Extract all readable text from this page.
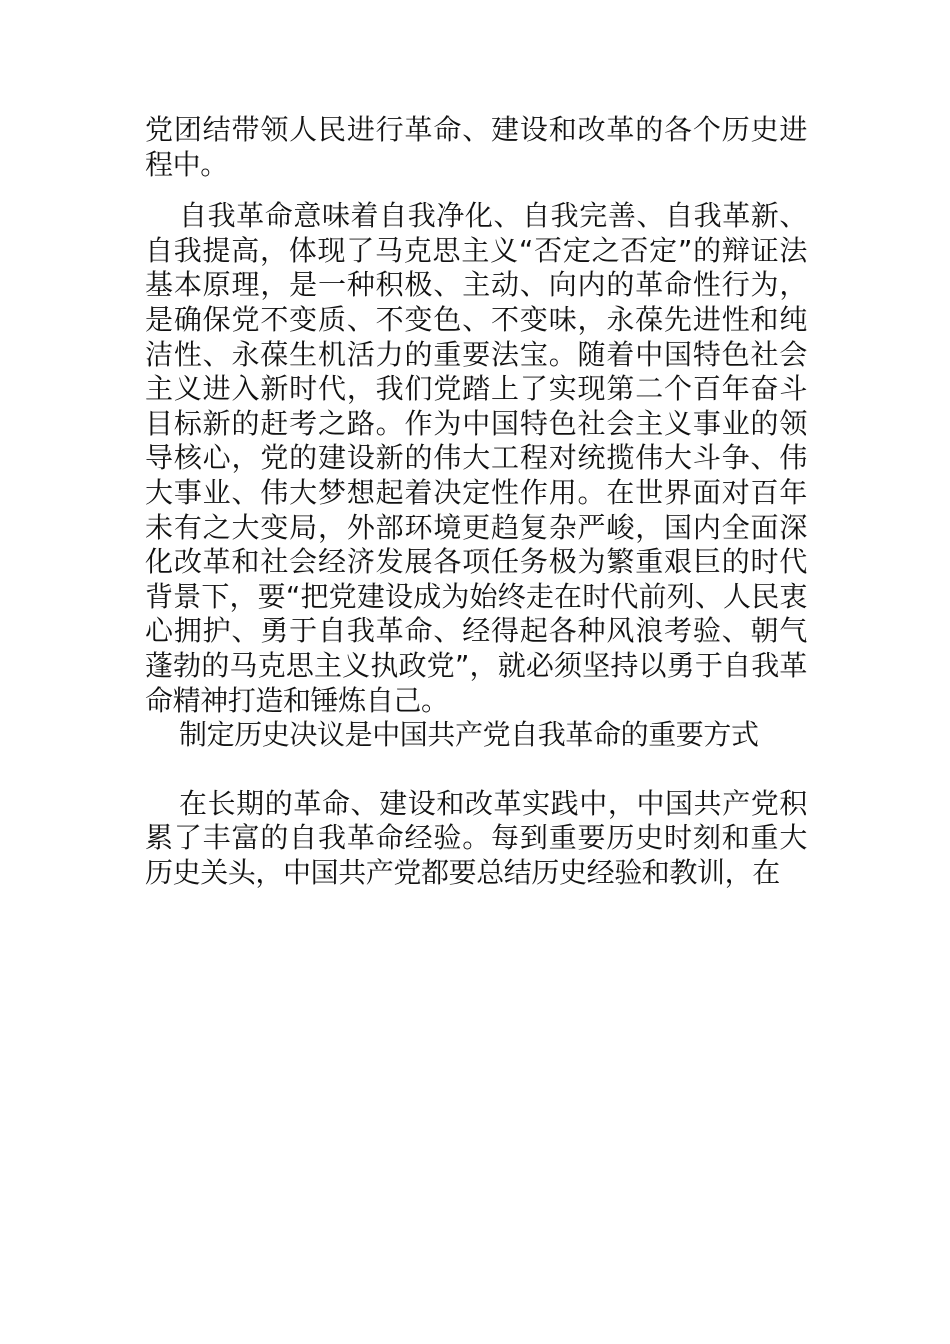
党团结带领人民进行革命、建设和改革的各个历史进程中。

自我革命意味着自我净化、自我完善、自我革新、自我提高，体现了马克思主义“否定之否定”的辩证法基本原理，是一种积极、主动、向内的革命性行为，是确保党不变质、不变色、不变味，永葆先进性和纯洁性、永葆生机活力的重要法宝。随着中国特色社会主义进入新时代，我们党踏上了实现第二个百年奋斗目标新的赶考之路。作为中国特色社会主义事业的领导核心，党的建设新的伟大工程对统揽伟大斗争、伟大事业、伟大梦想起着决定性作用。在世界面对百年未有之大变局，外部环境更趋复杂严峻，国内全面深化改革和社会经济发展各项任务极为繁重艰巨的时代背景下，要“把党建设成为始终走在时代前列、人民衷心拥护、勇于自我革命、经得起各种风浪考验、朝气蓬勃的马克思主义执政党”，就必须坚持以勇于自我革命精神打造和锤炼自己。

制定历史决议是中国共产党自我革命的重要方式

在长期的革命、建设和改革实践中，中国共产党积累了丰富的自我革命经验。每到重要历史时刻和重大历史关头，中国共产党都要总结历史经验和教训，在
